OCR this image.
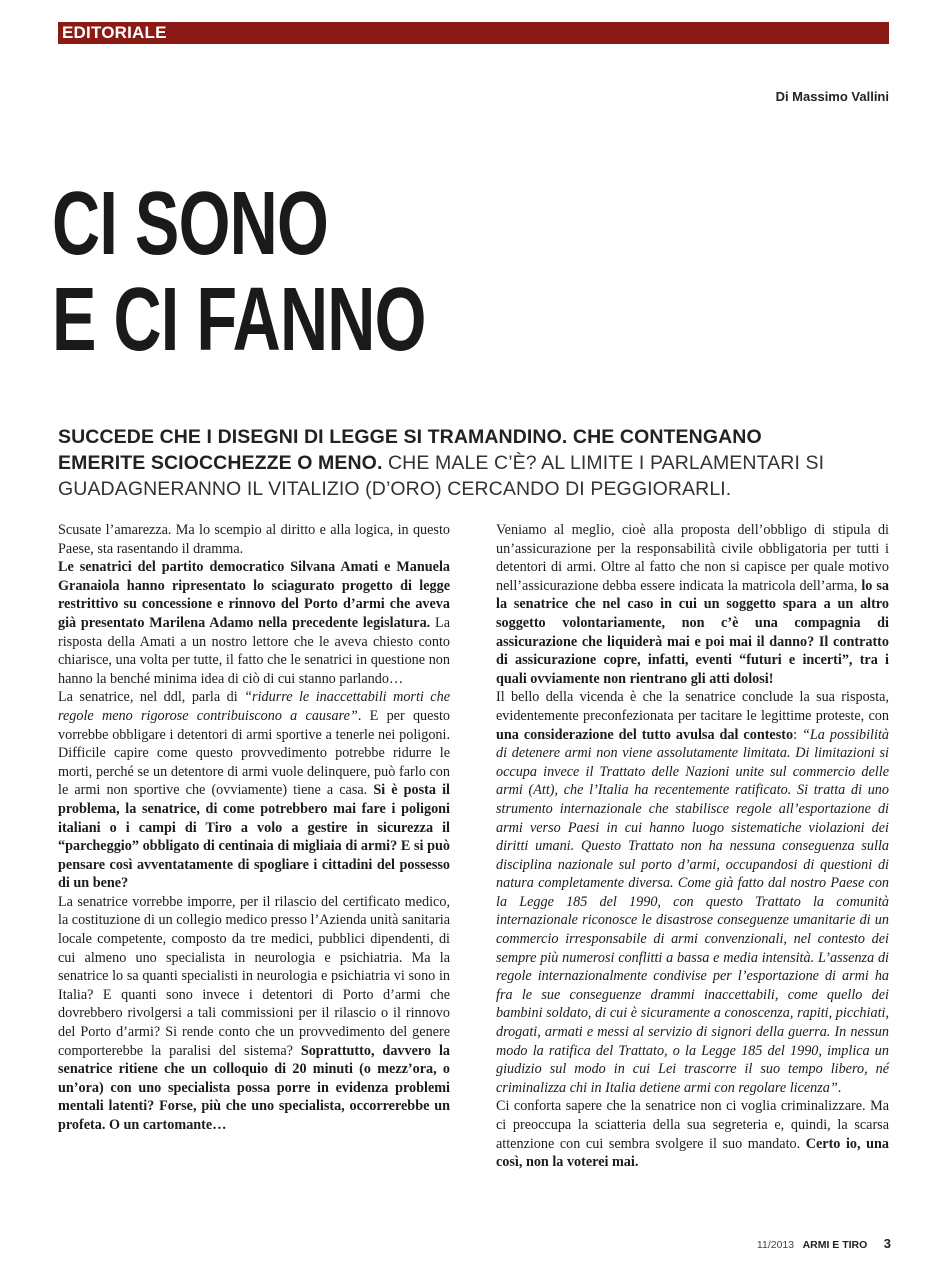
EDITORIALE
Di Massimo Vallini
CI SONO
E CI FANNO

SUCCEDE CHE I DISEGNI DI LEGGE SI TRAMANDINO. CHE CONTENGANO EMERITE SCIOCCHEZZE O MENO. CHE MALE C’È? AL LIMITE I PARLAMENTARI SI GUADAGNERANNO IL VITALIZIO (D’ORO) CERCANDO DI PEGGIORARLI.

Scusate l’amarezza. Ma lo scempio al diritto e alla logica, in questo Paese, sta rasentando il dramma.

Le senatrici del partito democratico Silvana Amati e Manuela Granaiola hanno ripresentato lo sciagurato progetto di legge restrittivo su concessione e rinnovo del Porto d’armi che aveva già presentato Marilena Adamo nella precedente legislatura. La risposta della Amati a un nostro lettore che le aveva chiesto conto chiarisce, una volta per tutte, il fatto che le senatrici in questione non hanno la benché minima idea di ciò di cui stanno parlando…

La senatrice, nel ddl, parla di “ridurre le inaccettabili morti che regole meno rigorose contribuiscono a causare”. E per questo vorrebbe obbligare i detentori di armi sportive a tenerle nei poligoni. Difficile capire come questo provvedimento potrebbe ridurre le morti, perché se un detentore di armi vuole delinquere, può farlo con le armi non sportive che (ovviamente) tiene a casa. Si è posta il problema, la senatrice, di come potrebbero mai fare i poligoni italiani o i campi di Tiro a volo a gestire in sicurezza il “parcheggio” obbligato di centinaia di migliaia di armi? E si può pensare così avventatamente di spogliare i cittadini del possesso di un bene?

La senatrice vorrebbe imporre, per il rilascio del certificato medico, la costituzione di un collegio medico presso l’Azienda unità sanitaria locale competente, composto da tre medici, pubblici dipendenti, di cui almeno uno specialista in neurologia e psichiatria. Ma la senatrice lo sa quanti specialisti in neurologia e psichiatria vi sono in Italia? E quanti sono invece i detentori di Porto d’armi che dovrebbero rivolgersi a tali commissioni per il rilascio o il rinnovo del Porto d’armi? Si rende conto che un provvedimento del genere comporterebbe la paralisi del sistema? Soprattutto, davvero la senatrice ritiene che un colloquio di 20 minuti (o mezz’ora, o un’ora) con uno specialista possa porre in evidenza problemi mentali latenti? Forse, più che uno specialista, occorrerebbe un profeta. O un cartomante…

Veniamo al meglio, cioè alla proposta dell’obbligo di stipula di un’assicurazione per la responsabilità civile obbligatoria per tutti i detentori di armi. Oltre al fatto che non si capisce per quale motivo nell’assicurazione debba essere indicata la matricola dell’arma, lo sa la senatrice che nel caso in cui un soggetto spara a un altro soggetto volontariamente, non c’è una compagnia di assicurazione che liquiderà mai e poi mai il danno? Il contratto di assicurazione copre, infatti, eventi “futuri e incerti”, tra i quali ovviamente non rientrano gli atti dolosi!

Il bello della vicenda è che la senatrice conclude la sua risposta, evidentemente preconfezionata per tacitare le legittime proteste, con una considerazione del tutto avulsa dal contesto: “La possibilità di detenere armi non viene assolutamente limitata. Di limitazioni si occupa invece il Trattato delle Nazioni unite sul commercio delle armi (Att), che l’Italia ha recentemente ratificato. Si tratta di uno strumento internazionale che stabilisce regole all’esportazione di armi verso Paesi in cui hanno luogo sistematiche violazioni dei diritti umani. Questo Trattato non ha nessuna conseguenza sulla disciplina nazionale sul porto d’armi, occupandosi di questioni di natura completamente diversa. Come già fatto dal nostro Paese con la Legge 185 del 1990, con questo Trattato la comunità internazionale riconosce le disastrose conseguenze umanitarie di un commercio irresponsabile di armi convenzionali, nel contesto dei sempre più numerosi conflitti a bassa e media intensità. L’assenza di regole internazionalmente condivise per l’esportazione di armi ha fra le sue conseguenze drammi inaccettabili, come quello dei bambini soldato, di cui è sicuramente a conoscenza, rapiti, picchiati, drogati, armati e messi al servizio di signori della guerra. In nessun modo la ratifica del Trattato, o la Legge 185 del 1990, implica un giudizio sul modo in cui Lei trascorre il suo tempo libero, né criminalizza chi in Italia detiene armi con regolare licenza”.

Ci conforta sapere che la senatrice non ci voglia criminalizzare. Ma ci preoccupa la sciatteria della sua segreteria e, quindi, la scarsa attenzione con cui sembra svolgere il suo mandato. Certo io, una così, non la voterei mai.

11/2013 ARMI E TIRO 3
